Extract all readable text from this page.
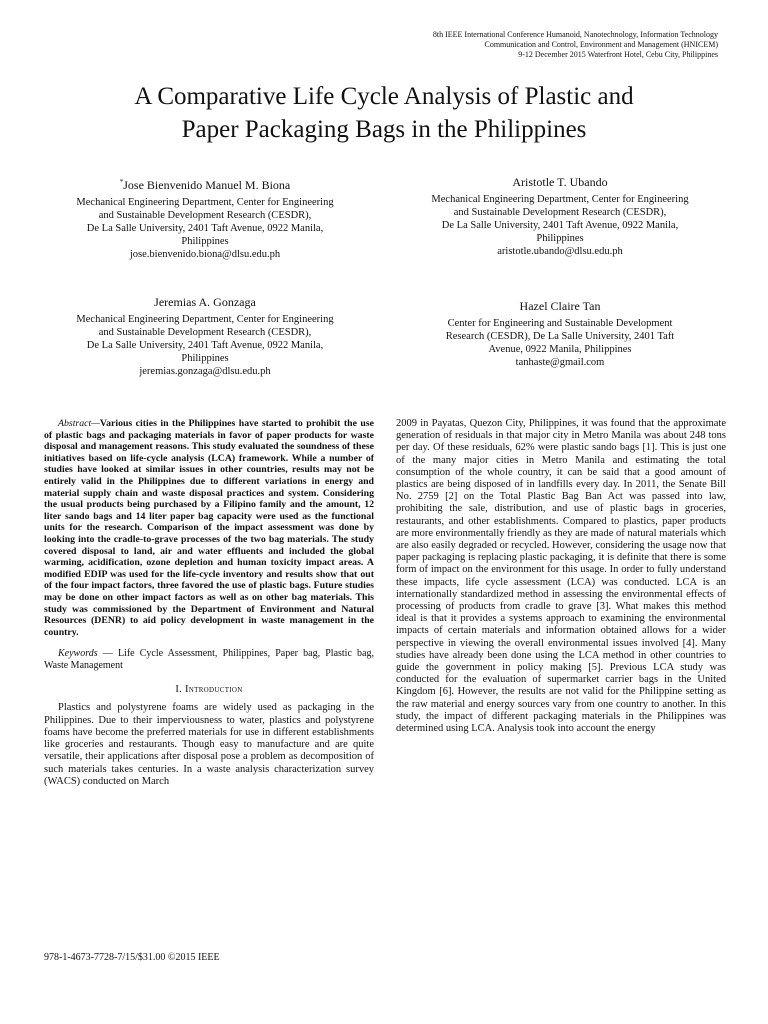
8th IEEE International Conference Humanoid, Nanotechnology, Information Technology
Communication and Control, Environment and Management (HNICEM)
9-12 December 2015 Waterfront Hotel, Cebu City, Philippines
A Comparative Life Cycle Analysis of Plastic and
Paper Packaging Bags in the Philippines
*Jose Bienvenido Manuel M. Biona
Mechanical Engineering Department, Center for Engineering
and Sustainable Development Research (CESDR),
De La Salle University, 2401 Taft Avenue, 0922 Manila,
Philippines
jose.bienvenido.biona@dlsu.edu.ph
Aristotle T. Ubando
Mechanical Engineering Department, Center for Engineering
and Sustainable Development Research (CESDR),
De La Salle University, 2401 Taft Avenue, 0922 Manila,
Philippines
aristotle.ubando@dlsu.edu.ph
Jeremias A. Gonzaga
Mechanical Engineering Department, Center for Engineering
and Sustainable Development Research (CESDR),
De La Salle University, 2401 Taft Avenue, 0922 Manila,
Philippines
jeremias.gonzaga@dlsu.edu.ph
Hazel Claire Tan
Center for Engineering and Sustainable Development
Research (CESDR), De La Salle University, 2401 Taft
Avenue, 0922 Manila, Philippines
tanhaste@gmail.com

Abstract—Various cities in the Philippines have started to prohibit the use of plastic bags and packaging materials in favor of paper products for waste disposal and management reasons. This study evaluated the soundness of these initiatives based on life-cycle analysis (LCA) framework. While a number of studies have looked at similar issues in other countries, results may not be entirely valid in the Philippines due to different variations in energy and material supply chain and waste disposal practices and system. Considering the usual products being purchased by a Filipino family and the amount, 12 liter sando bags and 14 liter paper bag capacity were used as the functional units for the research. Comparison of the impact assessment was done by looking into the cradle-to-grave processes of the two bag materials. The study covered disposal to land, air and water effluents and included the global warming, acidification, ozone depletion and human toxicity impact areas. A modified EDIP was used for the life-cycle inventory and results show that out of the four impact factors, three favored the use of plastic bags. Future studies may be done on other impact factors as well as on other bag materials. This study was commissioned by the Department of Environment and Natural Resources (DENR) to aid policy development in waste management in the country.

Keywords — Life Cycle Assessment, Philippines, Paper bag, Plastic bag, Waste Management

I. Introduction

Plastics and polystyrene foams are widely used as packaging in the Philippines. Due to their imperviousness to water, plastics and polystyrene foams have become the preferred materials for use in different establishments like groceries and restaurants. Though easy to manufacture and are quite versatile, their applications after disposal pose a problem as decomposition of such materials takes centuries. In a waste analysis characterization survey (WACS) conducted on March

2009 in Payatas, Quezon City, Philippines, it was found that the approximate generation of residuals in that major city in Metro Manila was about 248 tons per day. Of these residuals, 62% were plastic sando bags [1]. This is just one of the many major cities in Metro Manila and estimating the total consumption of the whole country, it can be said that a good amount of plastics are being disposed of in landfills every day. In 2011, the Senate Bill No. 2759 [2] on the Total Plastic Bag Ban Act was passed into law, prohibiting the sale, distribution, and use of plastic bags in groceries, restaurants, and other establishments. Compared to plastics, paper products are more environmentally friendly as they are made of natural materials which are also easily degraded or recycled. However, considering the usage now that paper packaging is replacing plastic packaging, it is definite that there is some form of impact on the environment for this usage. In order to fully understand these impacts, life cycle assessment (LCA) was conducted. LCA is an internationally standardized method in assessing the environmental effects of processing of products from cradle to grave [3]. What makes this method ideal is that it provides a systems approach to examining the environmental impacts of certain materials and information obtained allows for a wider perspective in viewing the overall environmental issues involved [4]. Many studies have already been done using the LCA method in other countries to guide the government in policy making [5]. Previous LCA study was conducted for the evaluation of supermarket carrier bags in the United Kingdom [6]. However, the results are not valid for the Philippine setting as the raw material and energy sources vary from one country to another. In this study, the impact of different packaging materials in the Philippines was determined using LCA. Analysis took into account the energy

978-1-4673-7728-7/15/$31.00 ©2015 IEEE
